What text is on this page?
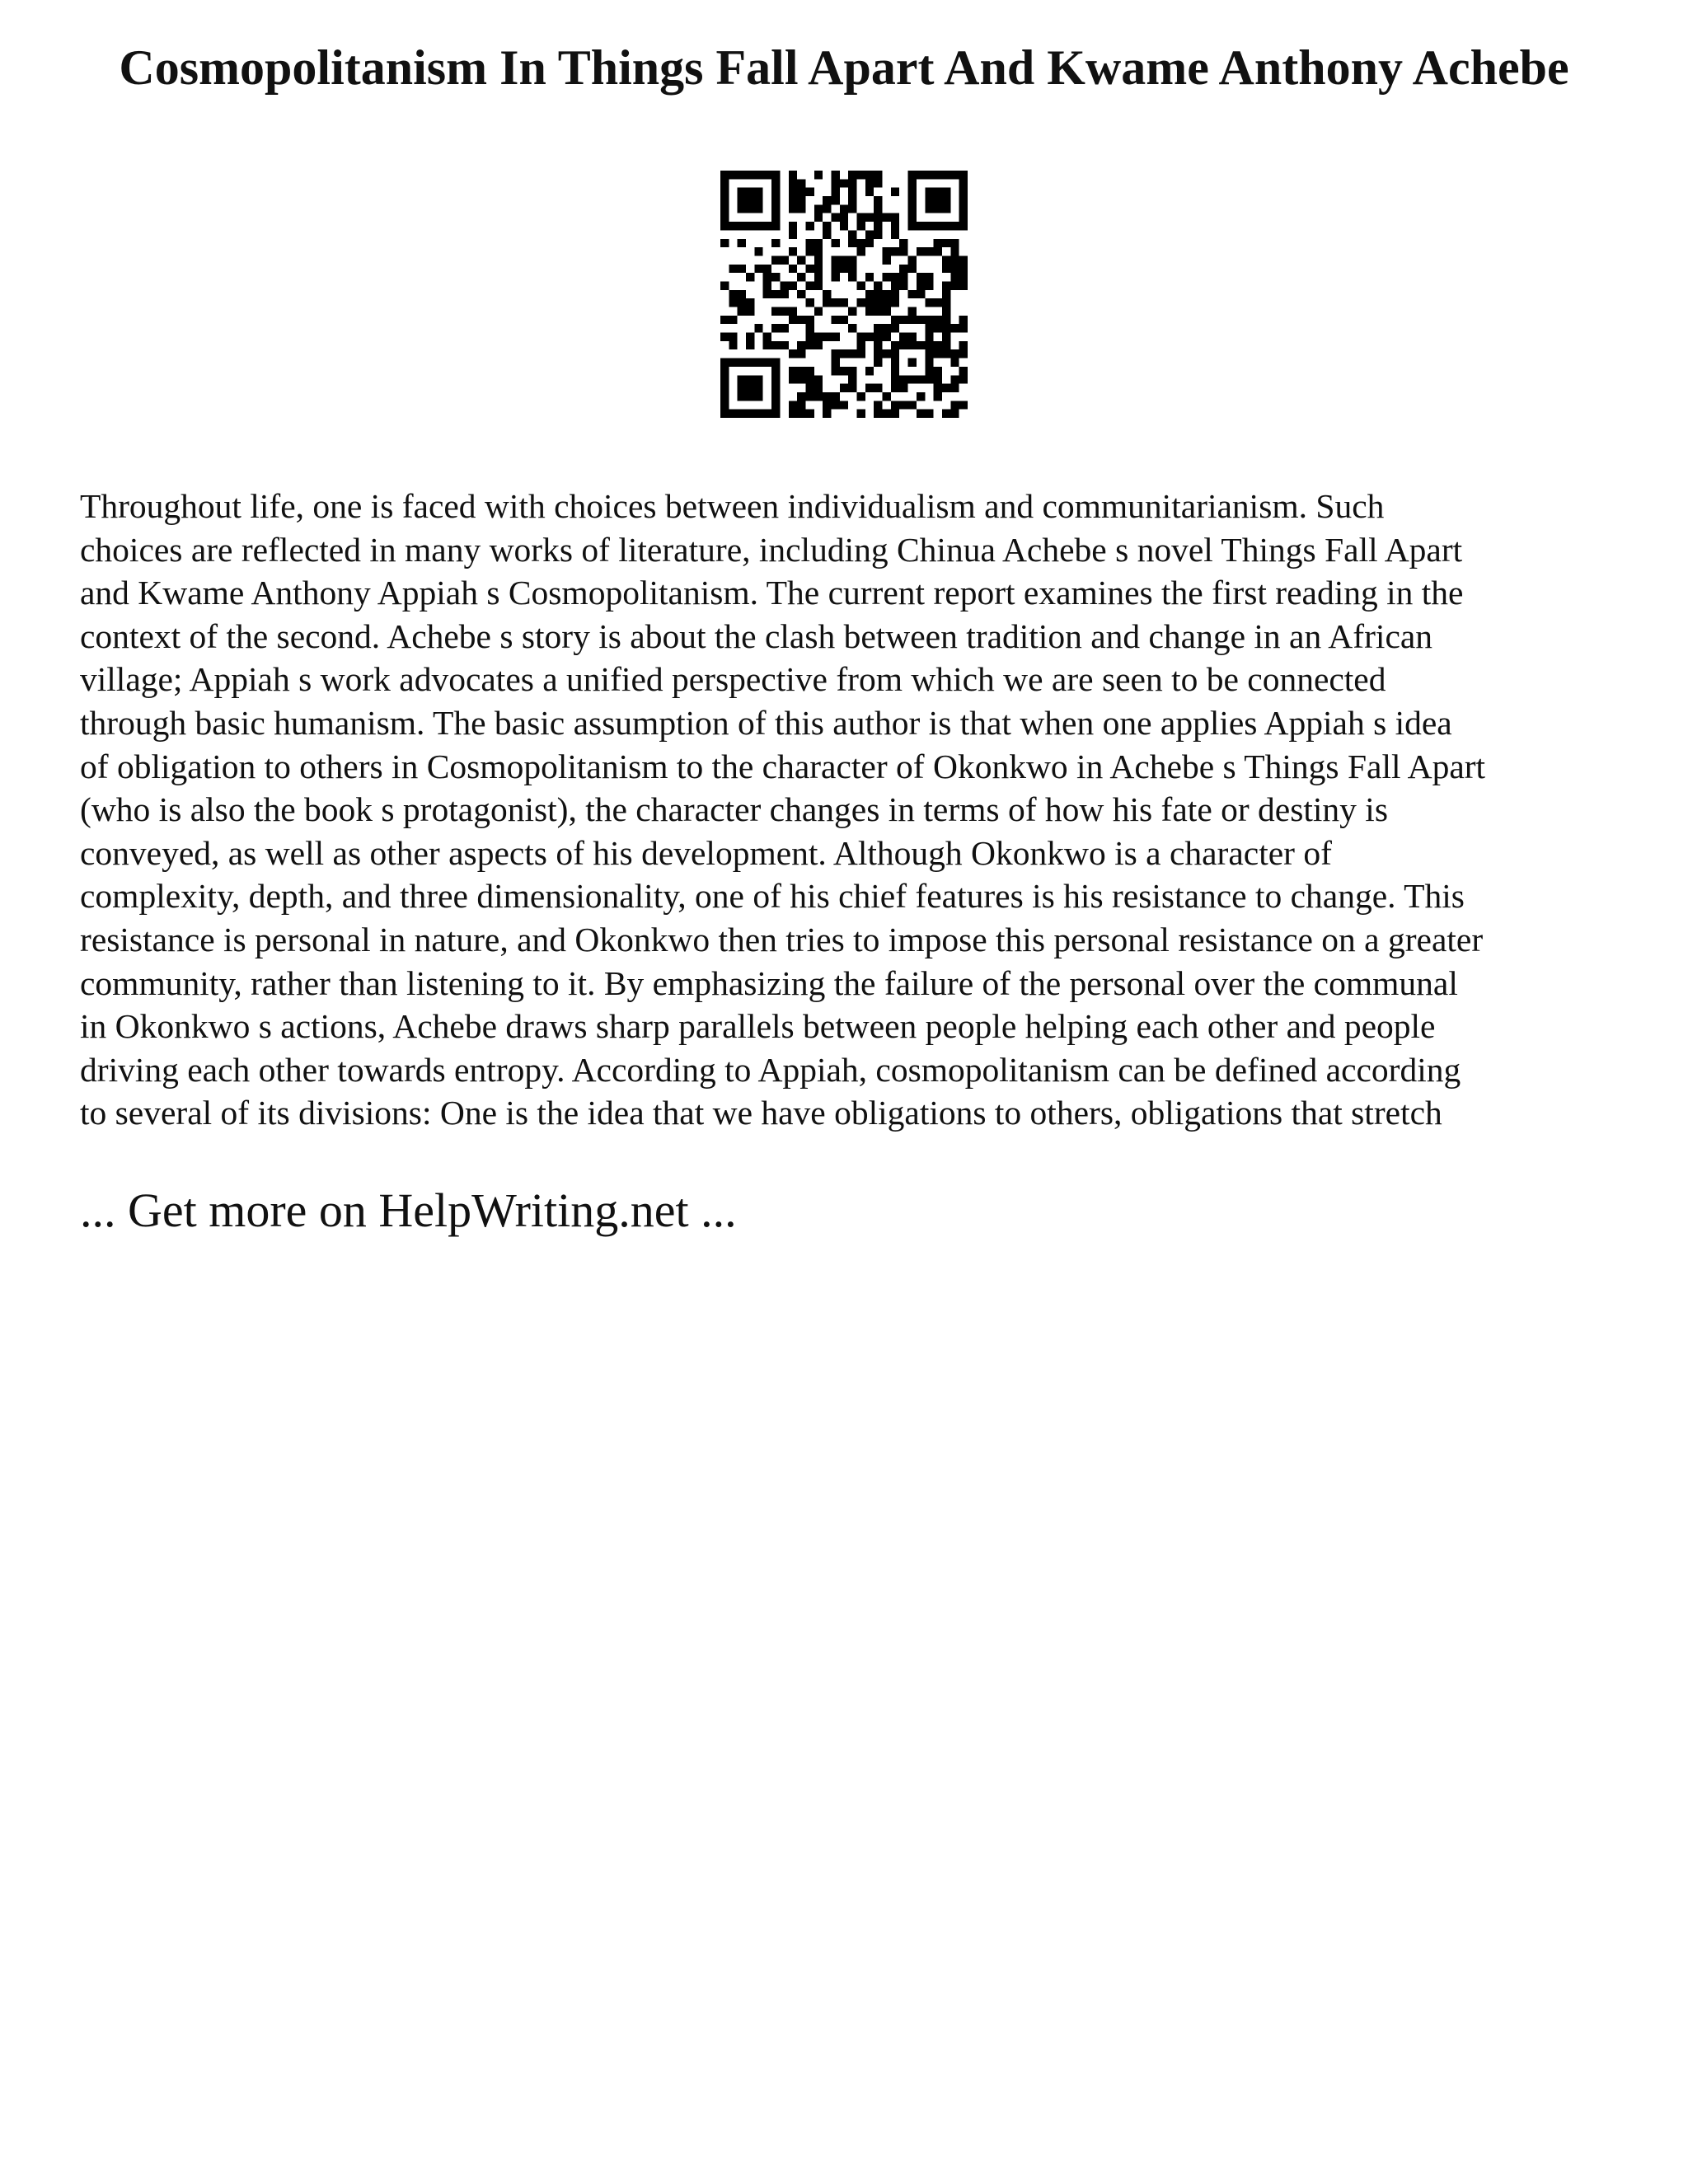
Cosmopolitanism In Things Fall Apart And Kwame Anthony Achebe
Throughout life, one is faced with choices between individualism and communitarianism. Such
choices are reflected in many works of literature, including Chinua Achebe s novel Things Fall Apart
and Kwame Anthony Appiah s Cosmopolitanism. The current report examines the first reading in the
context of the second. Achebe s story is about the clash between tradition and change in an African
village; Appiah s work advocates a unified perspective from which we are seen to be connected
through basic humanism. The basic assumption of this author is that when one applies Appiah s idea
of obligation to others in Cosmopolitanism to the character of Okonkwo in Achebe s Things Fall Apart
(who is also the book s protagonist), the character changes in terms of how his fate or destiny is
conveyed, as well as other aspects of his development. Although Okonkwo is a character of
complexity, depth, and three dimensionality, one of his chief features is his resistance to change. This
resistance is personal in nature, and Okonkwo then tries to impose this personal resistance on a greater
community, rather than listening to it. By emphasizing the failure of the personal over the communal
in Okonkwo s actions, Achebe draws sharp parallels between people helping each other and people
driving each other towards entropy. According to Appiah, cosmopolitanism can be defined according
to several of its divisions: One is the idea that we have obligations to others, obligations that stretch
... Get more on HelpWriting.net ...
